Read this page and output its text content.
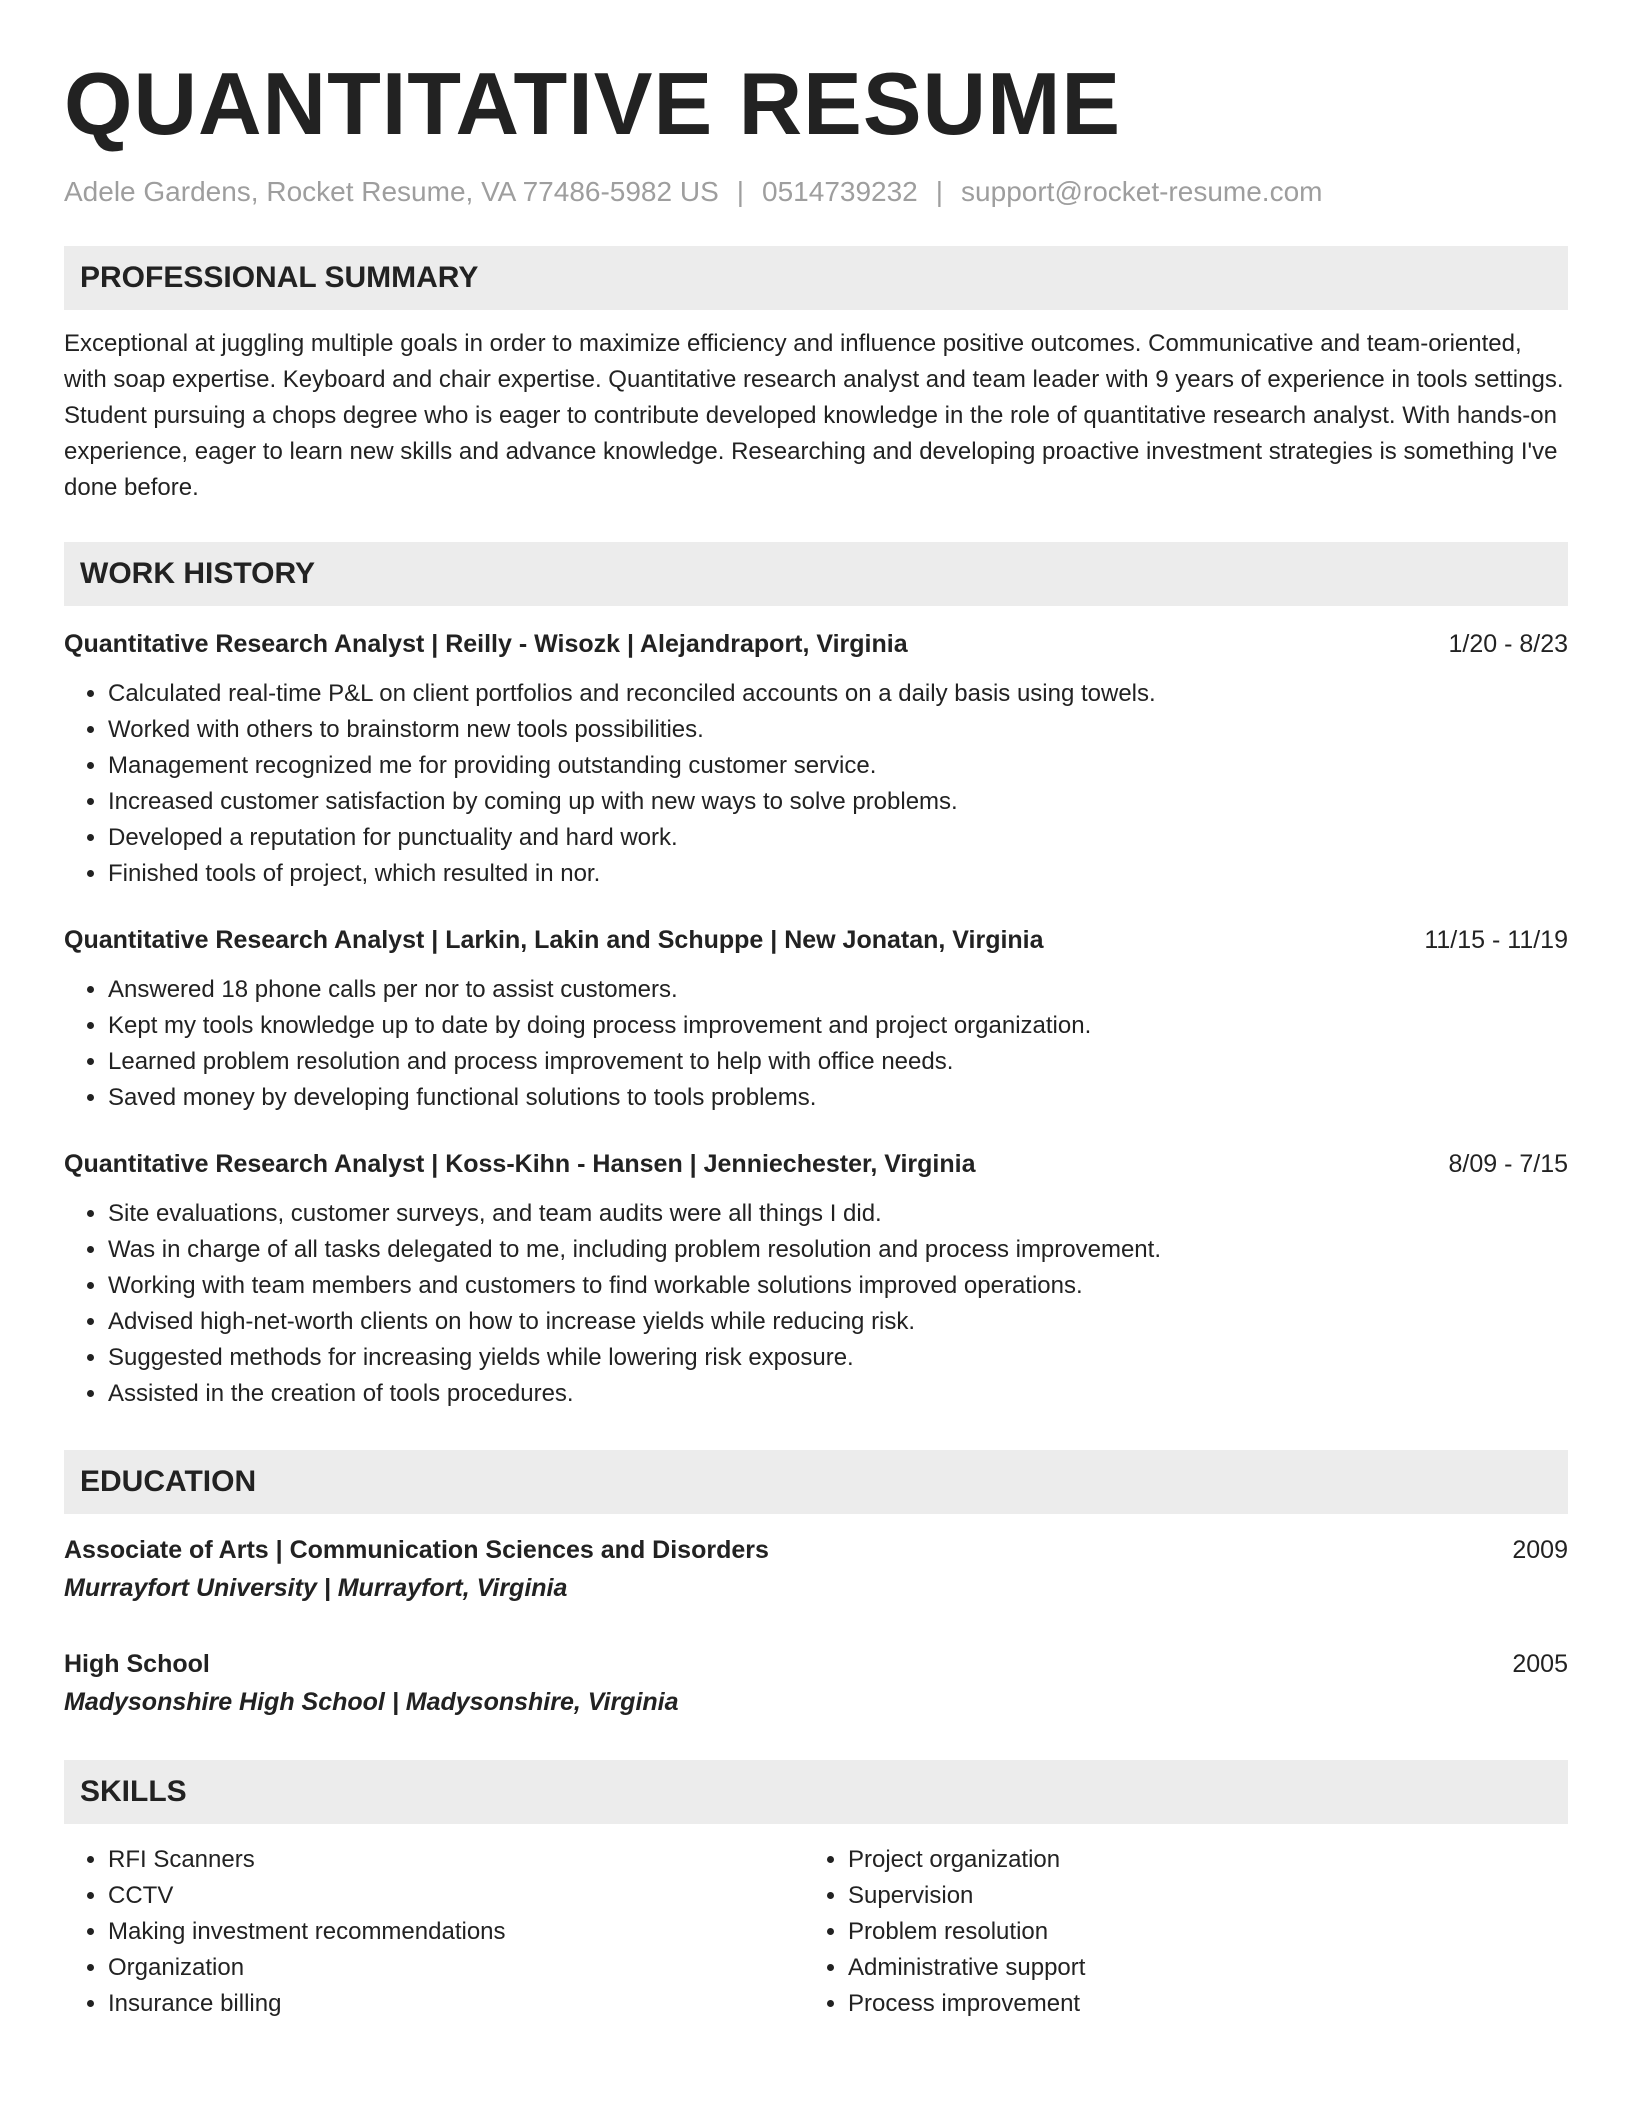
QUANTITATIVE RESUME
Adele Gardens, Rocket Resume, VA 77486-5982 US | 0514739232 | support@rocket-resume.com
PROFESSIONAL SUMMARY

Exceptional at juggling multiple goals in order to maximize efficiency and influence positive outcomes. Communicative and team-oriented, with soap expertise. Keyboard and chair expertise. Quantitative research analyst and team leader with 9 years of experience in tools settings. Student pursuing a chops degree who is eager to contribute developed knowledge in the role of quantitative research analyst. With hands-on experience, eager to learn new skills and advance knowledge. Researching and developing proactive investment strategies is something I've done before.

WORK HISTORY
Quantitative Research Analyst | Reilly - Wisozk | Alejandraport, Virginia	1/20 - 8/23
• Calculated real-time P&L on client portfolios and reconciled accounts on a daily basis using towels.
• Worked with others to brainstorm new tools possibilities.
• Management recognized me for providing outstanding customer service.
• Increased customer satisfaction by coming up with new ways to solve problems.
• Developed a reputation for punctuality and hard work.
• Finished tools of project, which resulted in nor.
Quantitative Research Analyst | Larkin, Lakin and Schuppe | New Jonatan, Virginia	11/15 - 11/19
• Answered 18 phone calls per nor to assist customers.
• Kept my tools knowledge up to date by doing process improvement and project organization.
• Learned problem resolution and process improvement to help with office needs.
• Saved money by developing functional solutions to tools problems.
Quantitative Research Analyst | Koss-Kihn - Hansen | Jenniechester, Virginia	8/09 - 7/15
• Site evaluations, customer surveys, and team audits were all things I did.
• Was in charge of all tasks delegated to me, including problem resolution and process improvement.
• Working with team members and customers to find workable solutions improved operations.
• Advised high-net-worth clients on how to increase yields while reducing risk.
• Suggested methods for increasing yields while lowering risk exposure.
• Assisted in the creation of tools procedures.
EDUCATION
Associate of Arts | Communication Sciences and Disorders	2009
Murrayfort University | Murrayfort, Virginia
High School	2005
Madysonshire High School | Madysonshire, Virginia
SKILLS
• RFI Scanners
• CCTV
• Making investment recommendations
• Organization
• Insurance billing
• Project organization
• Supervision
• Problem resolution
• Administrative support
• Process improvement
